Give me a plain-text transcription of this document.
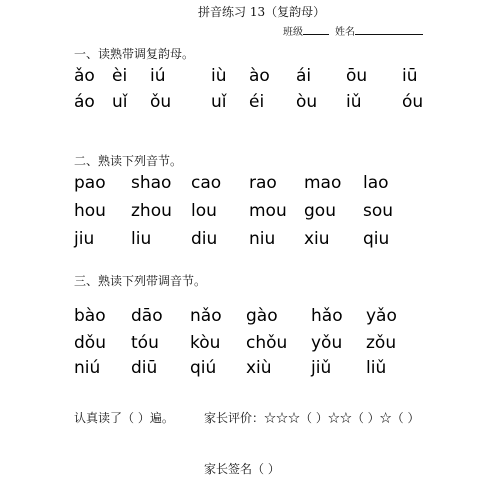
拼音练习 13（复韵母）
班级	姓名
一、读熟带调复韵母。
ǎo èi iú	iù ào ái ōu iū
áo uǐ ǒu uǐ éi òu iǔ óu
二、熟读下列音节。
pao shao cao rao mao lao
hou zhou lou mou gou sou
jiu liu diu niu xiu qiu
三、熟读下列带调音节。
bào dāo nǎo gào hǎo yǎo
dǒu tóu kòu chǒu yǒu zǒu
niú diū qiú xiù jiǔ liǔ
认真读了（ ）遍。	家长评价：☆☆☆（ ）☆☆（ ）☆（ ）
家长签名（ ）
